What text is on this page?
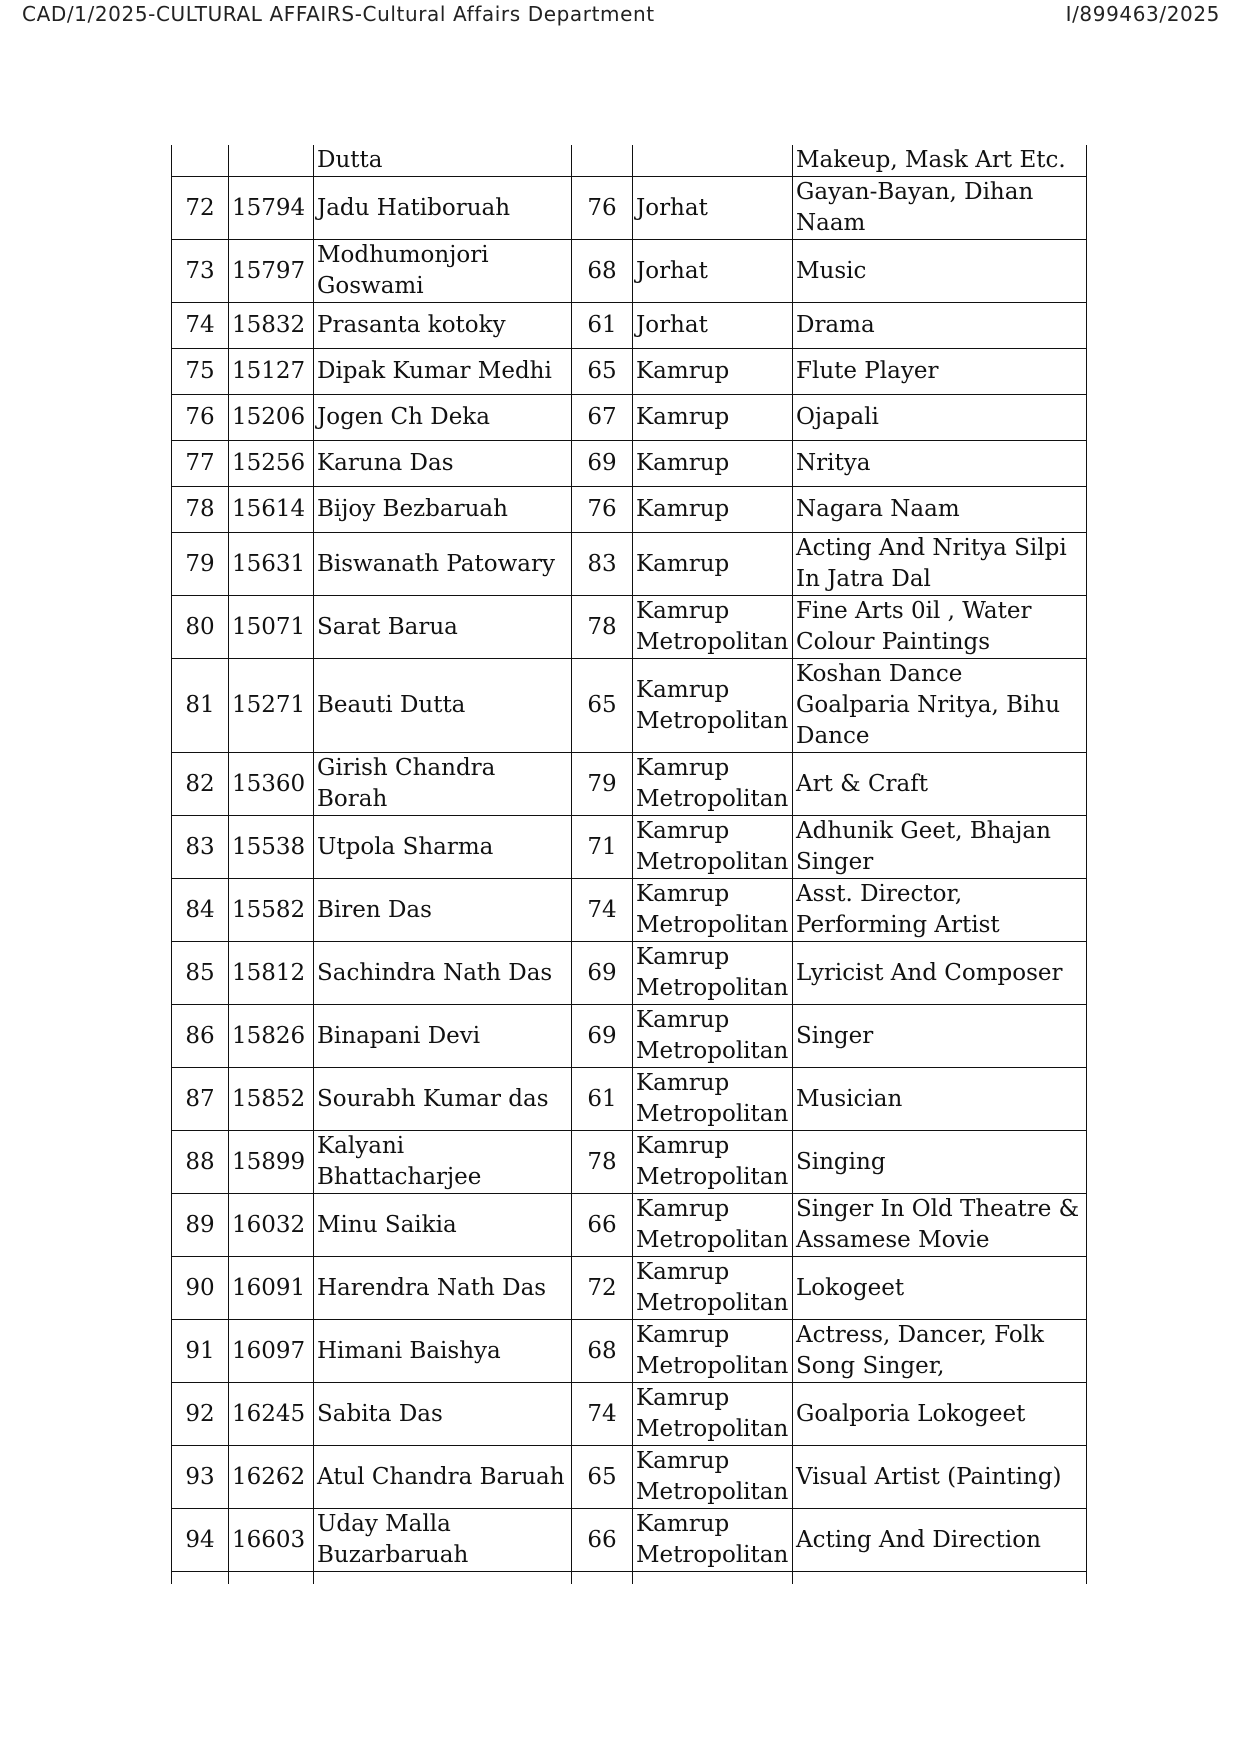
CAD/1/2025-CULTURAL AFFAIRS-Cultural Affairs Department	I/899463/2025
		Dutta			Makeup, Mask Art Etc.
72	15794	Jadu Hatiboruah	76	Jorhat	Gayan-Bayan, Dihan Naam
73	15797	Modhumonjori Goswami	68	Jorhat	Music
74	15832	Prasanta kotoky	61	Jorhat	Drama
75	15127	Dipak Kumar Medhi	65	Kamrup	Flute Player
76	15206	Jogen Ch Deka	67	Kamrup	Ojapali
77	15256	Karuna Das	69	Kamrup	Nritya
78	15614	Bijoy Bezbaruah	76	Kamrup	Nagara Naam
79	15631	Biswanath Patowary	83	Kamrup	Acting And Nritya Silpi In Jatra Dal
80	15071	Sarat Barua	78	Kamrup Metropolitan	Fine Arts 0il , Water Colour Paintings
81	15271	Beauti Dutta	65	Kamrup Metropolitan	Koshan Dance Goalparia Nritya, Bihu Dance
82	15360	Girish Chandra Borah	79	Kamrup Metropolitan	Art & Craft
83	15538	Utpola Sharma	71	Kamrup Metropolitan	Adhunik Geet, Bhajan Singer
84	15582	Biren Das	74	Kamrup Metropolitan	Asst. Director, Performing Artist
85	15812	Sachindra Nath Das	69	Kamrup Metropolitan	Lyricist And Composer
86	15826	Binapani Devi	69	Kamrup Metropolitan	Singer
87	15852	Sourabh Kumar das	61	Kamrup Metropolitan	Musician
88	15899	Kalyani Bhattacharjee	78	Kamrup Metropolitan	Singing
89	16032	Minu Saikia	66	Kamrup Metropolitan	Singer In Old Theatre & Assamese Movie
90	16091	Harendra Nath Das	72	Kamrup Metropolitan	Lokogeet
91	16097	Himani Baishya	68	Kamrup Metropolitan	Actress, Dancer, Folk Song Singer,
92	16245	Sabita Das	74	Kamrup Metropolitan	Goalporia Lokogeet
93	16262	Atul Chandra Baruah	65	Kamrup Metropolitan	Visual Artist (Painting)
94	16603	Uday Malla Buzarbaruah	66	Kamrup Metropolitan	Acting And Direction
